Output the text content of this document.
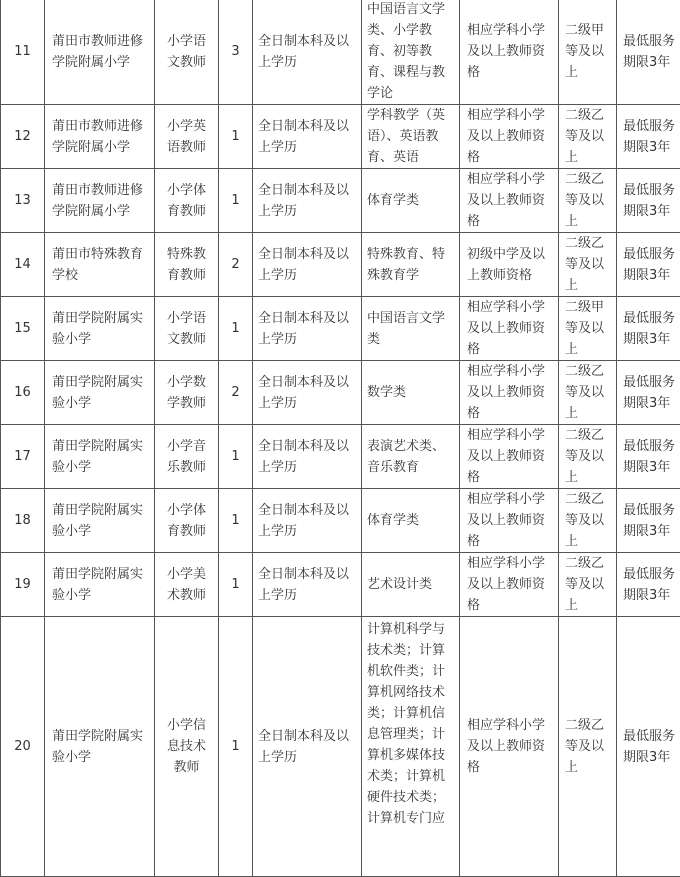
11	莆田市教师进修学院附属小学	小学语文教师	3	全日制本科及以上学历	中国语言文学类、小学教育、初等教育、课程与教学论	相应学科小学及以上教师资格	二级甲等及以上	最低服务期限3年
12	莆田市教师进修学院附属小学	小学英语教师	1	全日制本科及以上学历	学科教学（英语）、英语教育、英语	相应学科小学及以上教师资格	二级乙等及以上	最低服务期限3年
13	莆田市教师进修学院附属小学	小学体育教师	1	全日制本科及以上学历	体育学类	相应学科小学及以上教师资格	二级乙等及以上	最低服务期限3年
14	莆田市特殊教育学校	特殊教育教师	2	全日制本科及以上学历	特殊教育、特殊教育学	初级中学及以上教师资格	二级乙等及以上	最低服务期限3年
15	莆田学院附属实验小学	小学语文教师	1	全日制本科及以上学历	中国语言文学类	相应学科小学及以上教师资格	二级甲等及以上	最低服务期限3年
16	莆田学院附属实验小学	小学数学教师	2	全日制本科及以上学历	数学类	相应学科小学及以上教师资格	二级乙等及以上	最低服务期限3年
17	莆田学院附属实验小学	小学音乐教师	1	全日制本科及以上学历	表演艺术类、音乐教育	相应学科小学及以上教师资格	二级乙等及以上	最低服务期限3年
18	莆田学院附属实验小学	小学体育教师	1	全日制本科及以上学历	体育学类	相应学科小学及以上教师资格	二级乙等及以上	最低服务期限3年
19	莆田学院附属实验小学	小学美术教师	1	全日制本科及以上学历	艺术设计类	相应学科小学及以上教师资格	二级乙等及以上	最低服务期限3年
20	莆田学院附属实验小学	小学信息技术教师	1	全日制本科及以上学历	计算机科学与技术类；计算机软件类；计算机网络技术类；计算机信息管理类；计算机多媒体技术类；计算机硬件技术类；计算机专门应	相应学科小学及以上教师资格	二级乙等及以上	最低服务期限3年
